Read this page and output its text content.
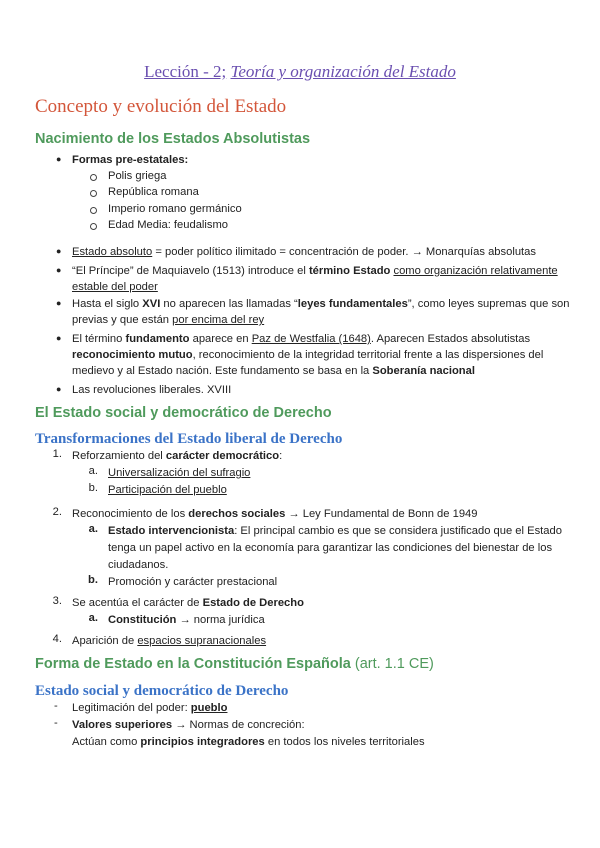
Lección - 2; Teoría y organización del Estado
Concepto y evolución del Estado
Nacimiento de los Estados Absolutistas
● Formas pre-estatales:
Polis griega
República romana
Imperio romano germánico
Edad Media: feudalismo
● Estado absoluto = poder político ilimitado = concentración de poder. → Monarquías absolutas
● “El Príncipe” de Maquiavelo (1513) introduce el término Estado como organización relativamente
estable del poder
● Hasta el siglo XVI no aparecen las llamadas “leyes fundamentales”, como leyes supremas que son
previas y que están por encima del rey
● El término fundamento aparece en Paz de Westfalia (1648). Aparecen Estados absolutistas
reconocimiento mutuo, reconocimiento de la integridad territorial frente a las dispersiones del
medievo y al Estado nación. Este fundamento se basa en la Soberanía nacional
● Las revoluciones liberales. XVIII
El Estado social y democrático de Derecho
Transformaciones del Estado liberal de Derecho
1. Reforzamiento del carácter democrático:
a. Universalización del sufragio
b. Participación del pueblo
2. Reconocimiento de los derechos sociales → Ley Fundamental de Bonn de 1949
a. Estado intervencionista: El principal cambio es que se considera justificado que el Estado
tenga un papel activo en la economía para garantizar las condiciones del bienestar de los
ciudadanos.
b. Promoción y carácter prestacional
3. Se acentúa el carácter de Estado de Derecho
a. Constitución → norma jurídica
4. Aparición de espacios supranacionales
Forma de Estado en la Constitución Española (art. 1.1 CE)
Estado social y democrático de Derecho
- Legitimación del poder: pueblo
- Valores superiores → Normas de concreción:
Actúan como principios integradores en todos los niveles territoriales
